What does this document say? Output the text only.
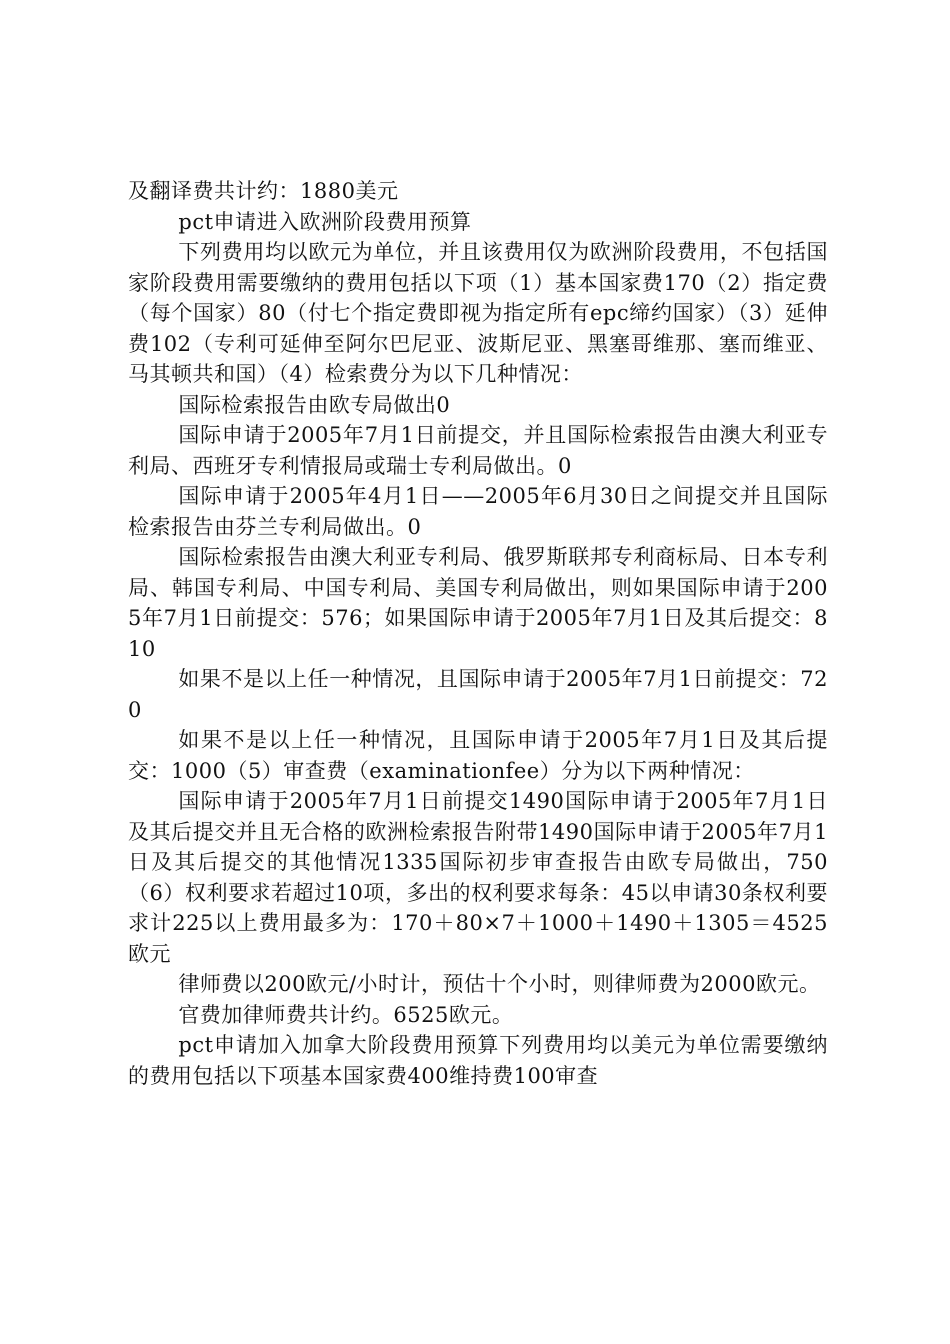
及翻译费共计约：1880美元

pct申请进入欧洲阶段费用预算

下列费用均以欧元为单位，并且该费用仅为欧洲阶段费用，不包括国家阶段费用需要缴纳的费用包括以下项（1）基本国家费170（2）指定费（每个国家）80（付七个指定费即视为指定所有epc缔约国家）（3）延伸费102（专利可延伸至阿尔巴尼亚、波斯尼亚、黑塞哥维那、塞而维亚、马其顿共和国）（4）检索费分为以下几种情况：

国际检索报告由欧专局做出0

国际申请于2005年7月1日前提交，并且国际检索报告由澳大利亚专利局、西班牙专利情报局或瑞士专利局做出。0

国际申请于2005年4月1日——2005年6月30日之间提交并且国际检索报告由芬兰专利局做出。0

国际检索报告由澳大利亚专利局、俄罗斯联邦专利商标局、日本专利局、韩国专利局、中国专利局、美国专利局做出，则如果国际申请于2005年7月1日前提交：576；如果国际申请于2005年7月1日及其后提交：810

如果不是以上任一种情况，且国际申请于2005年7月1日前提交：720

如果不是以上任一种情况，且国际申请于2005年7月1日及其后提交：1000（5）审查费（examinationfee）分为以下两种情况：

国际申请于2005年7月1日前提交1490国际申请于2005年7月1日及其后提交并且无合格的欧洲检索报告附带1490国际申请于2005年7月1日及其后提交的其他情况1335国际初步审查报告由欧专局做出，750（6）权利要求若超过10项，多出的权利要求每条：45以申请30条权利要求计225以上费用最多为：170＋80×7＋1000＋1490＋1305＝4525欧元

律师费以200欧元/小时计，预估十个小时，则律师费为2000欧元。

官费加律师费共计约。6525欧元。

pct申请加入加拿大阶段费用预算下列费用均以美元为单位需要缴纳的费用包括以下项基本国家费400维持费100审查
